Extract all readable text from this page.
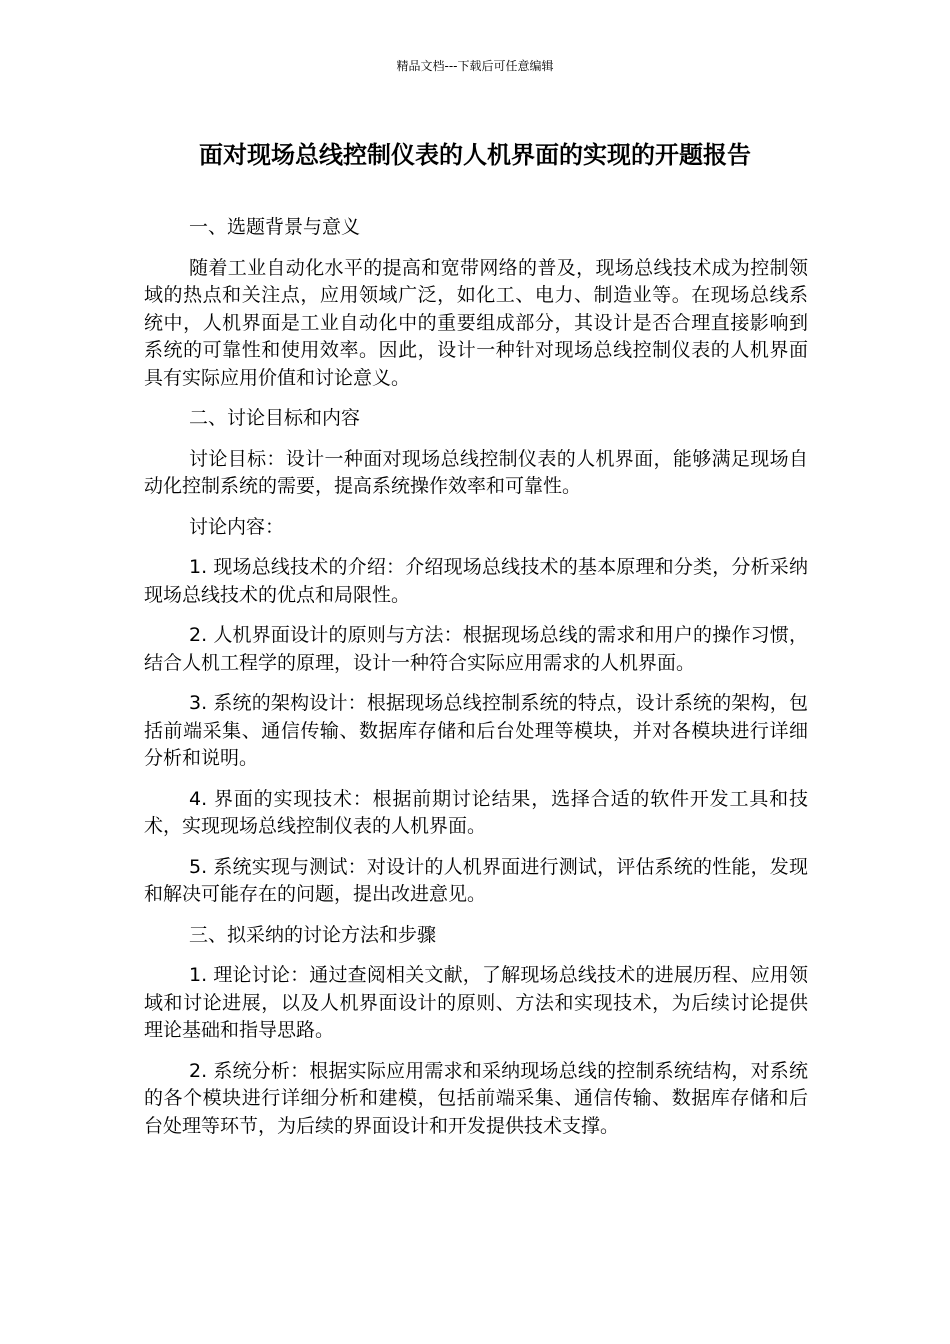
精品文档---下载后可任意编辑
面对现场总线控制仪表的人机界面的实现的开题报告

一、选题背景与意义

随着工业自动化水平的提高和宽带网络的普及，现场总线技术成为控制领域的热点和关注点，应用领域广泛，如化工、电力、制造业等。在现场总线系统中，人机界面是工业自动化中的重要组成部分，其设计是否合理直接影响到系统的可靠性和使用效率。因此，设计一种针对现场总线控制仪表的人机界面具有实际应用价值和讨论意义。

二、讨论目标和内容

讨论目标：设计一种面对现场总线控制仪表的人机界面，能够满足现场自动化控制系统的需要，提高系统操作效率和可靠性。

讨论内容：

1. 现场总线技术的介绍：介绍现场总线技术的基本原理和分类，分析采纳现场总线技术的优点和局限性。

2. 人机界面设计的原则与方法：根据现场总线的需求和用户的操作习惯，结合人机工程学的原理，设计一种符合实际应用需求的人机界面。

3. 系统的架构设计：根据现场总线控制系统的特点，设计系统的架构，包括前端采集、通信传输、数据库存储和后台处理等模块，并对各模块进行详细分析和说明。

4. 界面的实现技术：根据前期讨论结果，选择合适的软件开发工具和技术，实现现场总线控制仪表的人机界面。

5. 系统实现与测试：对设计的人机界面进行测试，评估系统的性能，发现和解决可能存在的问题，提出改进意见。

三、拟采纳的讨论方法和步骤

1. 理论讨论：通过查阅相关文献，了解现场总线技术的进展历程、应用领域和讨论进展，以及人机界面设计的原则、方法和实现技术，为后续讨论提供理论基础和指导思路。

2. 系统分析：根据实际应用需求和采纳现场总线的控制系统结构，对系统的各个模块进行详细分析和建模，包括前端采集、通信传输、数据库存储和后台处理等环节，为后续的界面设计和开发提供技术支撑。
